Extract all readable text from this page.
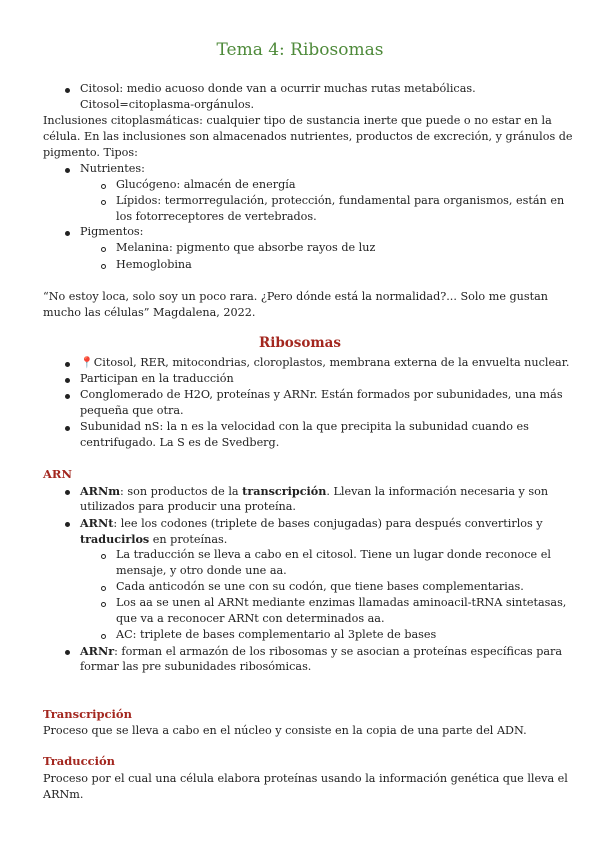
Tema 4: Ribosomas
Citosol: medio acuoso donde van a ocurrir muchas rutas metabólicas.
Citosol=citoplasma-orgánulos.
Inclusiones citoplasmáticas: cualquier tipo de sustancia inerte que puede o no estar en la
célula. En las inclusiones son almacenados nutrientes, productos de excreción, y gránulos de
pigmento. Tipos:
Nutrientes:
Glucógeno: almacén de energía
Lípidos: termorregulación, protección, fundamental para organismos, están en
los fotorreceptores de vertebrados.
Pigmentos:
Melanina: pigmento que absorbe rayos de luz
Hemoglobina
“No estoy loca, solo soy un poco rara. ¿Pero dónde está la normalidad?... Solo me gustan
mucho las células” Magdalena, 2022.
Ribosomas
📍Citosol, RER, mitocondrias, cloroplastos, membrana externa de la envuelta nuclear.
Participan en la traducción
Conglomerado de H2O, proteínas y ARNr. Están formados por subunidades, una más
pequeña que otra.
Subunidad nS: la n es la velocidad con la que precipita la subunidad cuando es
centrifugado. La S es de Svedberg.
ARN
ARNm: son productos de la transcripción. Llevan la información necesaria y son
utilizados para producir una proteína.
ARNt: lee los codones (triplete de bases conjugadas) para después convertirlos y
traducirlos en proteínas.
La traducción se lleva a cabo en el citosol. Tiene un lugar donde reconoce el
mensaje, y otro donde une aa.
Cada anticodón se une con su codón, que tiene bases complementarias.
Los aa se unen al ARNt mediante enzimas llamadas aminoacil-tRNA sintetasas,
que va a reconocer ARNt con determinados aa.
AC: triplete de bases complementario al 3plete de bases
ARNr: forman el armazón de los ribosomas y se asocian a proteínas específicas para
formar las pre subunidades ribosómicas.
Transcripción
Proceso que se lleva a cabo en el núcleo y consiste en la copia de una parte del ADN.
Traducción
Proceso por el cual una célula elabora proteínas usando la información genética que lleva el
ARNm.
